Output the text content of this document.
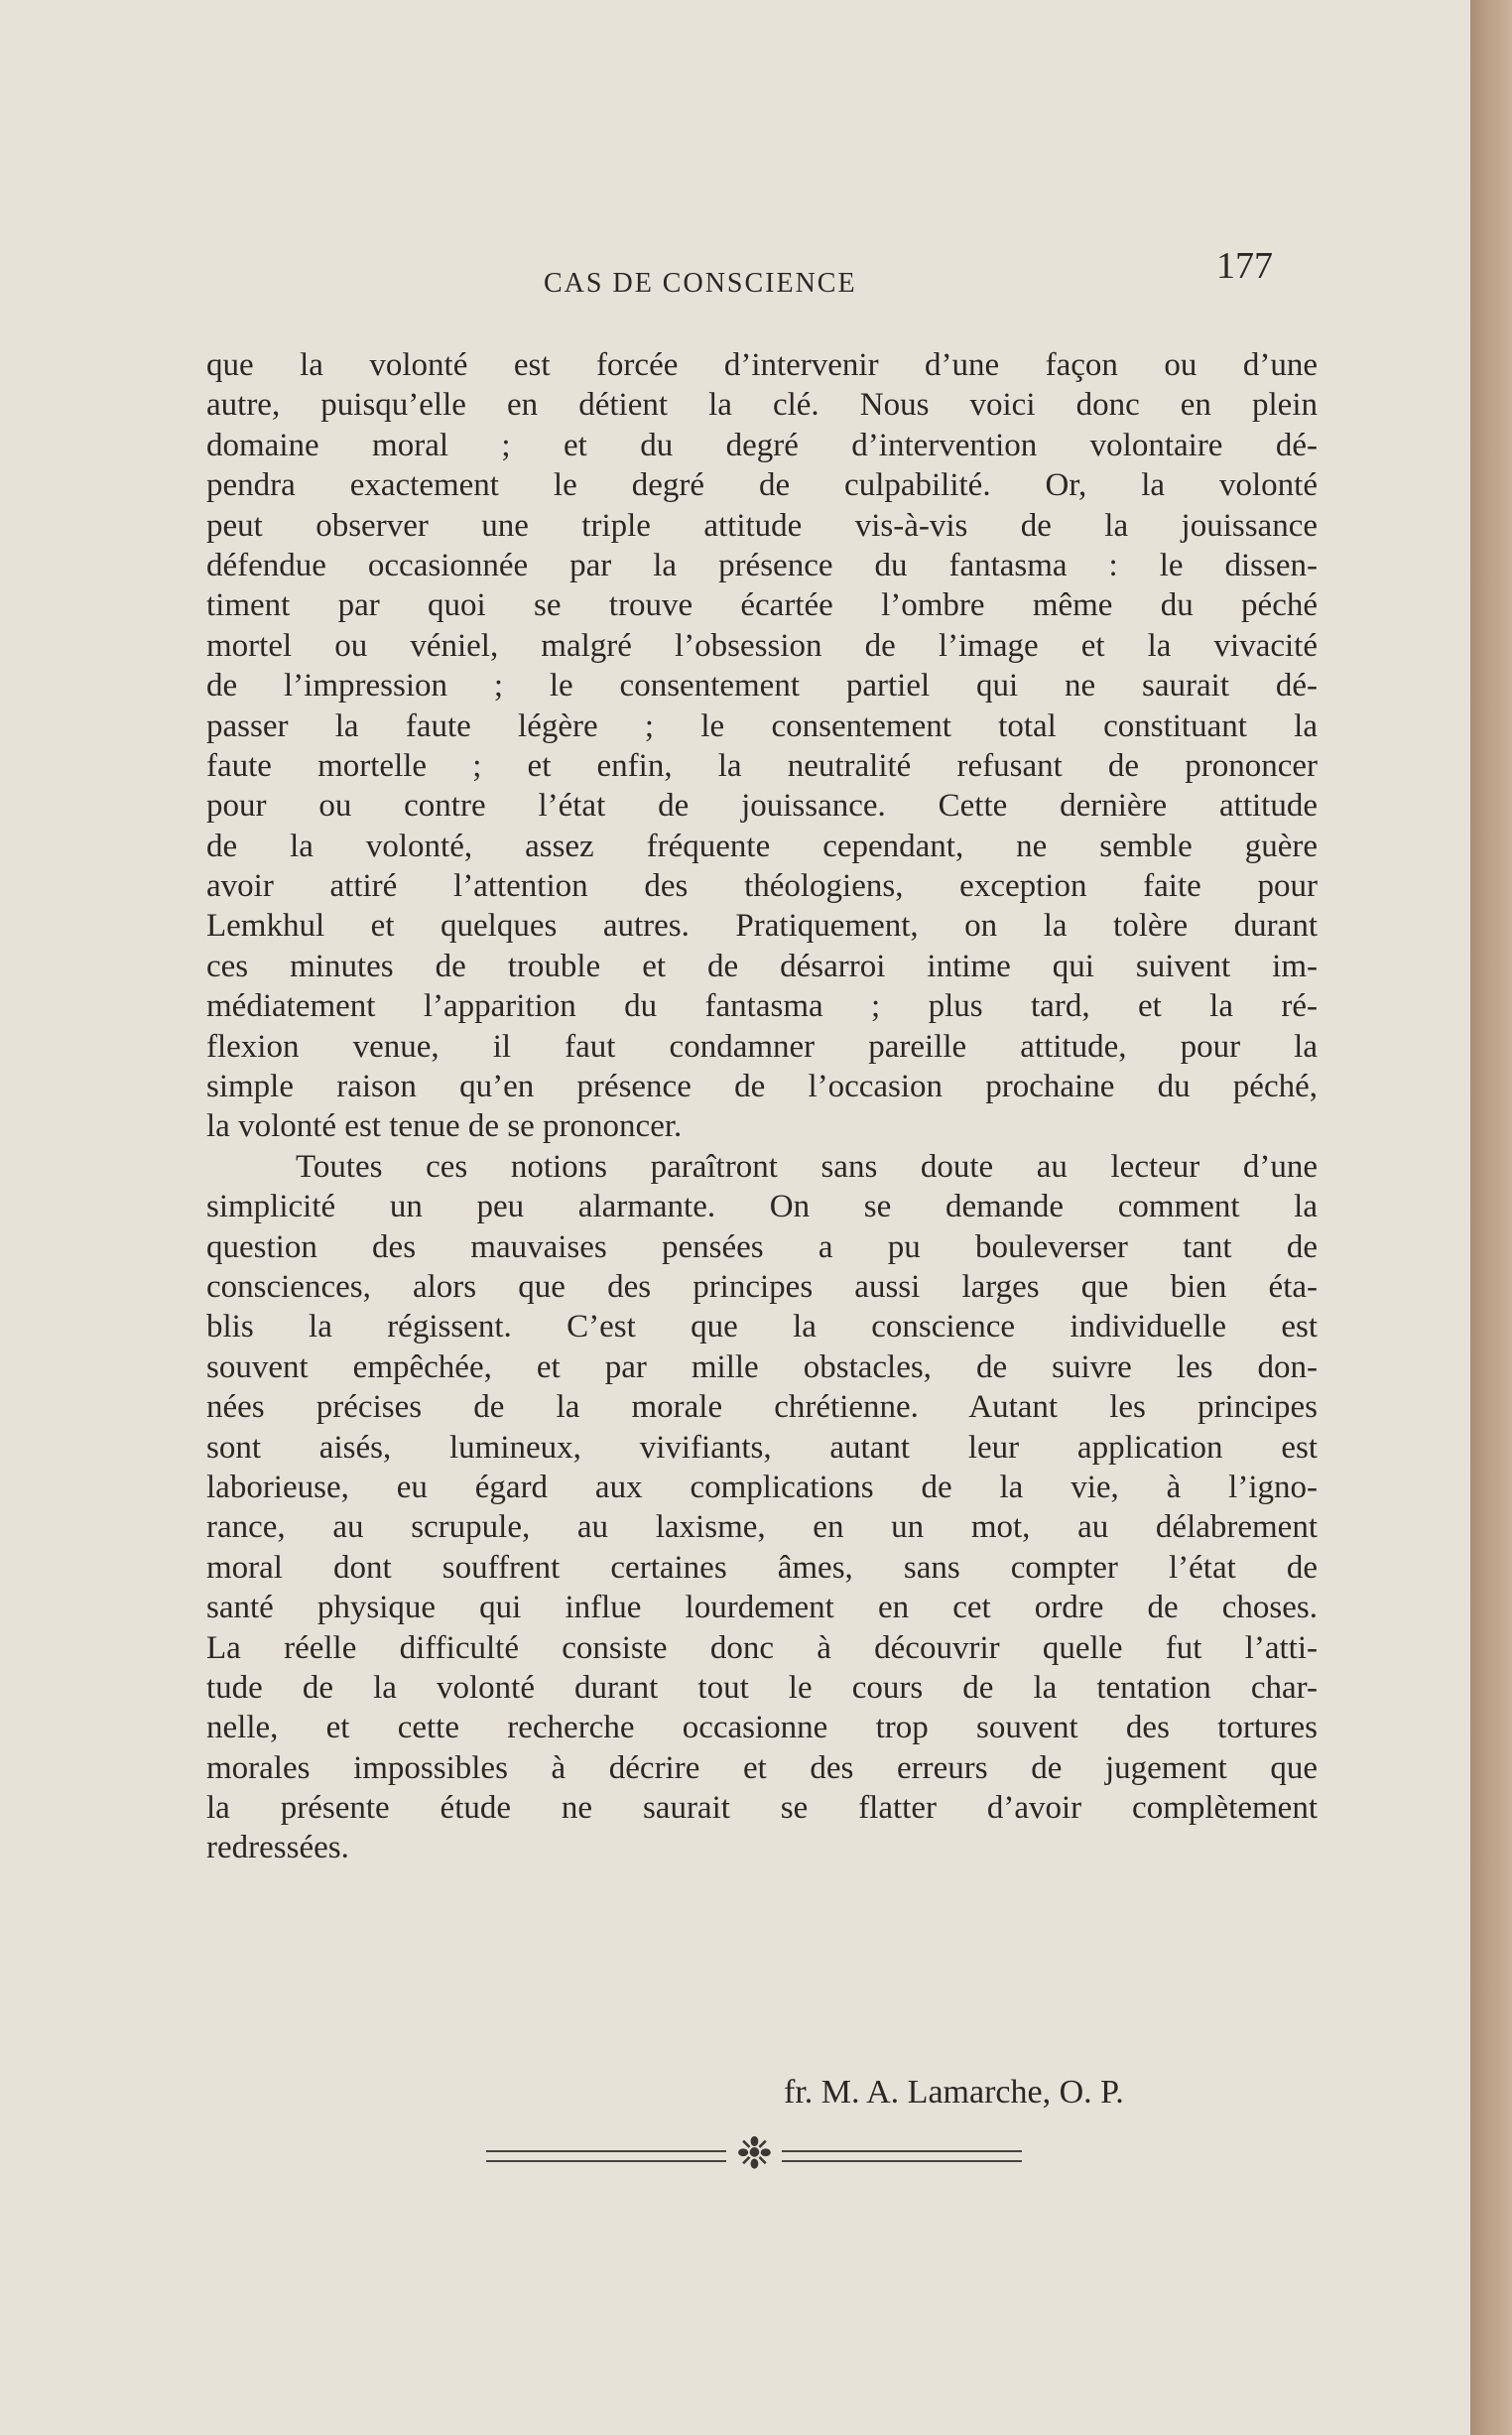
CAS DE CONSCIENCE	177
que la volonté est forcée d’intervenir d’une façon ou d’une
autre, puisqu’elle en détient la clé. Nous voici donc en plein
domaine moral ; et du degré d’intervention volontaire dé-
pendra exactement le degré de culpabilité. Or, la volonté
peut observer une triple attitude vis-à-vis de la jouissance
défendue occasionnée par la présence du fantasma : le dissen-
timent par quoi se trouve écartée l’ombre même du péché
mortel ou véniel, malgré l’obsession de l’image et la vivacité
de l’impression ; le consentement partiel qui ne saurait dé-
passer la faute légère ; le consentement total constituant la
faute mortelle ; et enfin, la neutralité refusant de prononcer
pour ou contre l’état de jouissance. Cette dernière attitude
de la volonté, assez fréquente cependant, ne semble guère
avoir attiré l’attention des théologiens, exception faite pour
Lemkhul et quelques autres. Pratiquement, on la tolère durant
ces minutes de trouble et de désarroi intime qui suivent im-
médiatement l’apparition du fantasma ; plus tard, et la ré-
flexion venue, il faut condamner pareille attitude, pour la
simple raison qu’en présence de l’occasion prochaine du péché,
la volonté est tenue de se prononcer.
Toutes ces notions paraîtront sans doute au lecteur d’une
simplicité un peu alarmante. On se demande comment la
question des mauvaises pensées a pu bouleverser tant de
consciences, alors que des principes aussi larges que bien éta-
blis la régissent. C’est que la conscience individuelle est
souvent empêchée, et par mille obstacles, de suivre les don-
nées précises de la morale chrétienne. Autant les principes
sont aisés, lumineux, vivifiants, autant leur application est
laborieuse, eu égard aux complications de la vie, à l’igno-
rance, au scrupule, au laxisme, en un mot, au délabrement
moral dont souffrent certaines âmes, sans compter l’état de
santé physique qui influe lourdement en cet ordre de choses.
La réelle difficulté consiste donc à découvrir quelle fut l’atti-
tude de la volonté durant tout le cours de la tentation char-
nelle, et cette recherche occasionne trop souvent des tortures
morales impossibles à décrire et des erreurs de jugement que
la présente étude ne saurait se flatter d’avoir complètement
redressées.
fr. M. A. Lamarche, O. P.
❉
